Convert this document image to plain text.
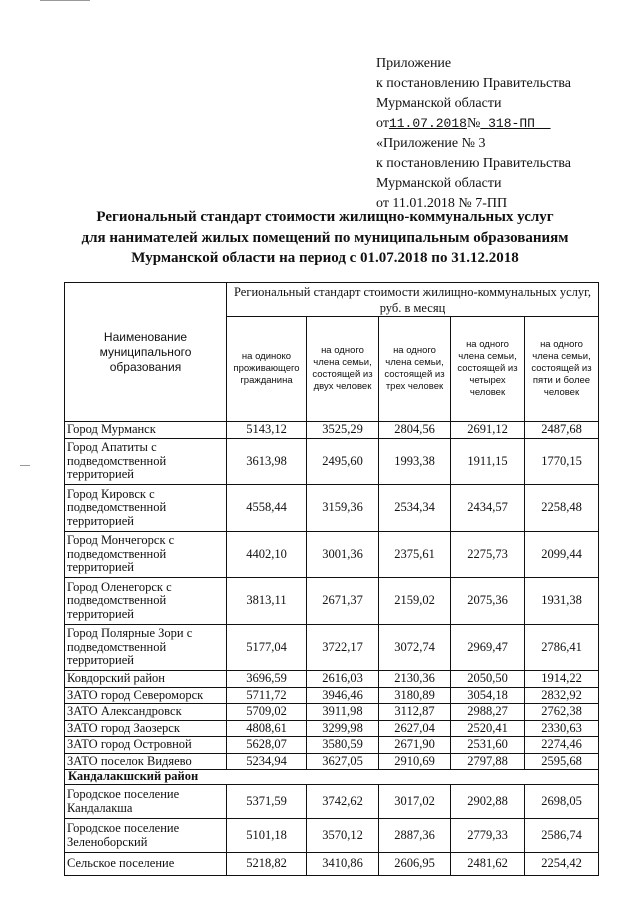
Приложение
к постановлению Правительства
Мурманской области
от11.07.2018№ 318-ПП
«Приложение № 3
к постановлению Правительства
Мурманской области
от 11.01.2018 № 7-ПП
Региональный стандарт стоимости жилищно-коммунальных услуг
для нанимателей жилых помещений по муниципальным образованиям
Мурманской области на период с 01.07.2018 по 31.12.2018
Наименование муниципального образования	Региональный стандарт стоимости жилищно-коммунальных услуг, руб. в месяц				
	на одиноко проживающего гражданина	на одного члена семьи, состоящей из двух человек	на одного члена семьи, состоящей из трех человек	на одного члена семьи, состоящей из четырех человек	на одного члена семьи, состоящей из пяти и более человек
Город Мурманск	5143,12	3525,29	2804,56	2691,12	2487,68
Город Апатиты с
подведомственной
территорией	3613,98	2495,60	1993,38	1911,15	1770,15
Город Кировск с
подведомственной
территорией	4558,44	3159,36	2534,34	2434,57	2258,48
Город Мончегорск с
подведомственной
территорией	4402,10	3001,36	2375,61	2275,73	2099,44
Город Оленегорск с
подведомственной
территорией	3813,11	2671,37	2159,02	2075,36	1931,38
Город Полярные Зори с
подведомственной
территорией	5177,04	3722,17	3072,74	2969,47	2786,41
Ковдорский район	3696,59	2616,03	2130,36	2050,50	1914,22
ЗАТО город Североморск	5711,72	3946,46	3180,89	3054,18	2832,92
ЗАТО Александровск	5709,02	3911,98	3112,87	2988,27	2762,38
ЗАТО город Заозерск	4808,61	3299,98	2627,04	2520,41	2330,63
ЗАТО город Островной	5628,07	3580,59	2671,90	2531,60	2274,46
ЗАТО поселок Видяево	5234,94	3627,05	2910,69	2797,88	2595,68
Кандалакшский район					
Городское поселение
Кандалакша	5371,59	3742,62	3017,02	2902,88	2698,05
Городское поселение
Зеленоборский	5101,18	3570,12	2887,36	2779,33	2586,74
Сельское поселение	5218,82	3410,86	2606,95	2481,62	2254,42
